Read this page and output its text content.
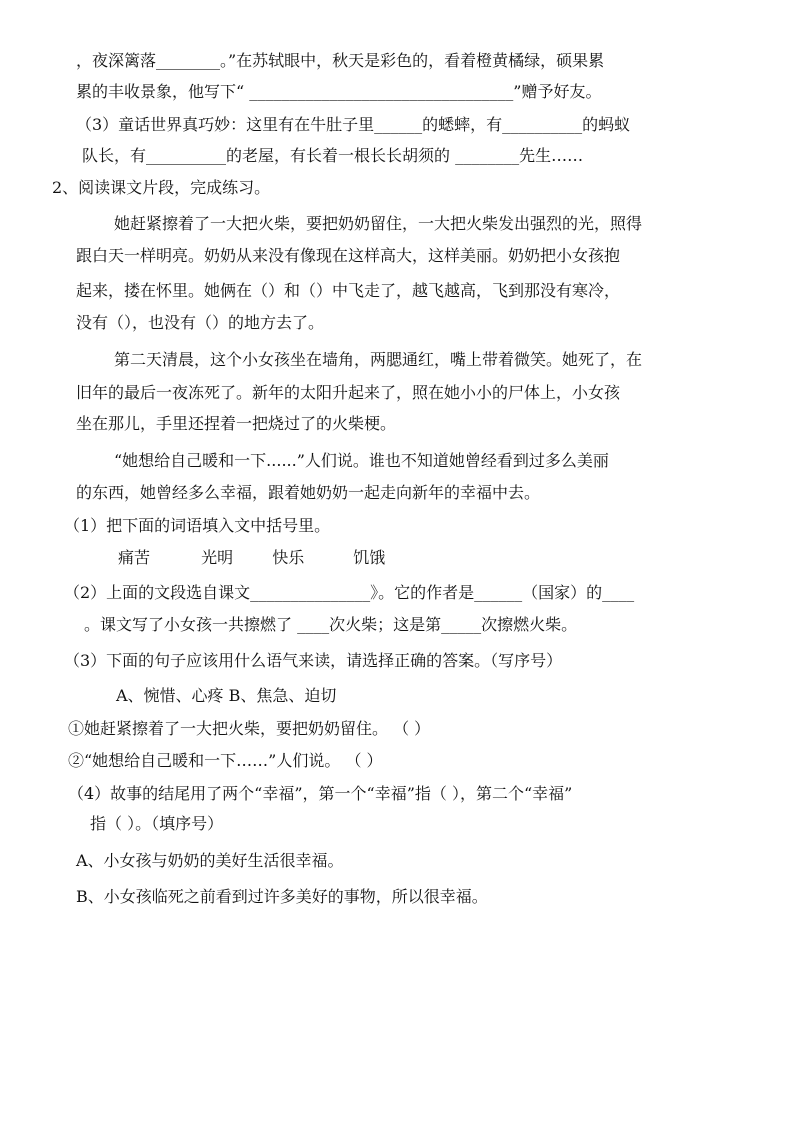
，夜深篱落________。”在苏轼眼中，秋天是彩色的，看着橙黄橘绿，硕果累
累的丰收景象，他写下“ _________________________________”赠予好友。
（3）童话世界真巧妙：这里有在牛肚子里______的蟋蟀，有__________的蚂蚁
队长，有__________的老屋，有长着一根长长胡须的 ________先生……
2、阅读课文片段，完成练习。
她赶紧擦着了一大把火柴，要把奶奶留住，一大把火柴发出强烈的光，照得
跟白天一样明亮。奶奶从来没有像现在这样高大，这样美丽。奶奶把小女孩抱
起来，搂在怀里。她俩在（）和（）中飞走了，越飞越高，飞到那没有寒冷，
没有（），也没有（）的地方去了。
第二天清晨，这个小女孩坐在墙角，两腮通红，嘴上带着微笑。她死了，在
旧年的最后一夜冻死了。新年的太阳升起来了，照在她小小的尸体上，小女孩
坐在那儿，手里还捏着一把烧过了的火柴梗。
“她想给自己暖和一下......”人们说。谁也不知道她曾经看到过多么美丽
的东西，她曾经多么幸福，跟着她奶奶一起走向新年的幸福中去。
（1）把下面的词语填入文中括号里。
痛苦	光明 快乐	饥饿
（2）上面的文段选自课文_______________》。它的作者是______（国家）的____
。课文写了小女孩一共擦燃了 ____次火柴；这是第_____次擦燃火柴。
（3）下面的句子应该用什么语气来读，请选择正确的答案。（写序号）
A、惋惜、心疼 B、焦急、迫切
①她赶紧擦着了一大把火柴，要把奶奶留住。 （ ）
②“她想给自己暖和一下……”人们说。 （ ）
（4）故事的结尾用了两个“幸福”，第一个“幸福”指（ ），第二个“幸福”
指（ ）。（填序号）
A、小女孩与奶奶的美好生活很幸福。
B、小女孩临死之前看到过许多美好的事物，所以很幸福。
